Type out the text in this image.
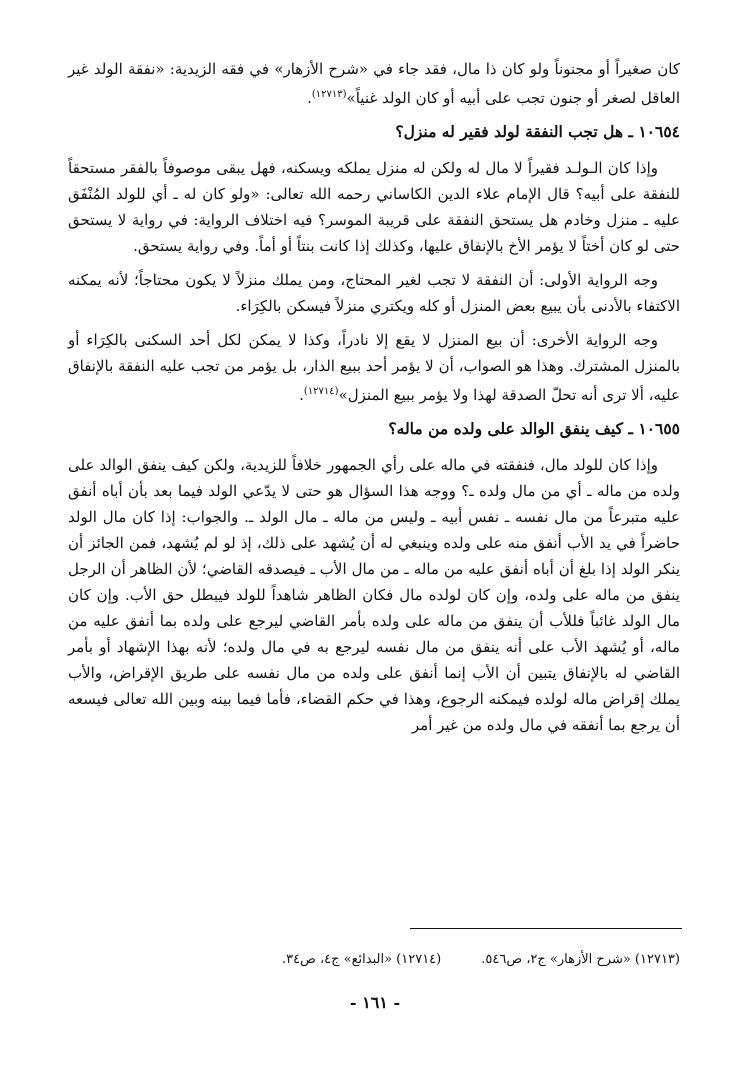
كان صغيراً أو مجنوناً ولو كان ذا مال، فقد جاء في «شرح الأزهار» في فقه الزيدية: «نفقة الولد غير العاقل لصغر أو جنون تجب على أبيه أو كان الولد غنياً»$^{(١٢٧١٣)}$.

١٠٦٥٤ ـ هل تجب النفقة لولد فقير له منزل؟

وإذا كان الـولـد فقيراً لا مال له ولكن له منزل يملكه ويسكنه، فهل يبقى موصوفاً بالفقر مستحقاً للنفقة على أبيه؟ قال الإمام علاء الدين الكاساني رحمه الله تعالى: «ولو كان له ـ أي للولد المُنْفَق عليه ـ منزل وخادم هل يستحق النفقة على قريبة الموسر؟ فيه اختلاف الرواية: في رواية لا يستحق حتى لو كان أختاً لا يؤمر الأخ بالإنفاق عليها، وكذلك إذا كانت بنتاً أو أماً. وفي رواية يستحق.

وجه الرواية الأولى: أن النفقة لا تجب لغير المحتاج، ومن يملك منزلاً لا يكون محتاجاً؛ لأنه يمكنه الاكتفاء بالأدنى بأن يبيع بعض المنزل أو كله ويكتري منزلاً فيسكن بالكِرَاء.

وجه الرواية الأخرى: أن بيع المنزل لا يقع إلا نادراً، وكذا لا يمكن لكل أحد السكنى بالكِرَاء أو بالمنزل المشترك. وهذا هو الصواب، أن لا يؤمر أحد ببيع الدار، بل يؤمر من تجب عليه النفقة بالإنفاق عليه، ألا ترى أنه تحلّ الصدقة لهذا ولا يؤمر ببيع المنزل»$^{(١٢٧١٤)}$.

١٠٦٥٥ ـ كيف ينفق الوالد على ولده من ماله؟

وإذا كان للولد مال، فنفقته في ماله على رأي الجمهور خلافاً للزيدية، ولكن كيف ينفق الوالد على ولده من ماله ـ أي من مال ولده ـ؟ ووجه هذا السؤال هو حتى لا يدّعي الولد فيما بعد بأن أباه أنفق عليه متبرعاً من مال نفسه ـ نفس أبيه ـ وليس من ماله ـ مال الولد ـ. والجواب: إذا كان مال الولد حاضراً في يد الأب أنفق منه على ولده وينبغي له أن يُشهد على ذلك، إذ لو لم يُشهد، فمن الجائز أن ينكر الولد إذا بلغ أن أباه أنفق عليه من ماله ـ من مال الأب ـ فيصدقه القاضي؛ لأن الظاهر أن الرجل ينفق من ماله على ولده، وإن كان لولده مال فكان الظاهر شاهداً للولد فيبطل حق الأب. وإن كان مال الولد غائباً فللأب أن ينفق من ماله على ولده بأمر القاضي ليرجع على ولده بما أنفق عليه من ماله، أو يُشهد الأب على أنه ينفق من مال نفسه ليرجع به في مال ولده؛ لأنه بهذا الإشهاد أو بأمر القاضي له بالإنفاق يتبين أن الأب إنما أنفق على ولده من مال نفسه على طريق الإقراض، والأب يملك إقراض ماله لولده فيمكنه الرجوع، وهذا في حكم القضاء، فأما فيما بينه وبين الله تعالى فيسعه أن يرجع بما أنفقه في مال ولده من غير أمر

(١٢٧١٣) «شرح الأزهار» ج٢، ص٥٤٦.
(١٢٧١٤) «البدائع» ج٤، ص٣٤.
- ١٦١ -
